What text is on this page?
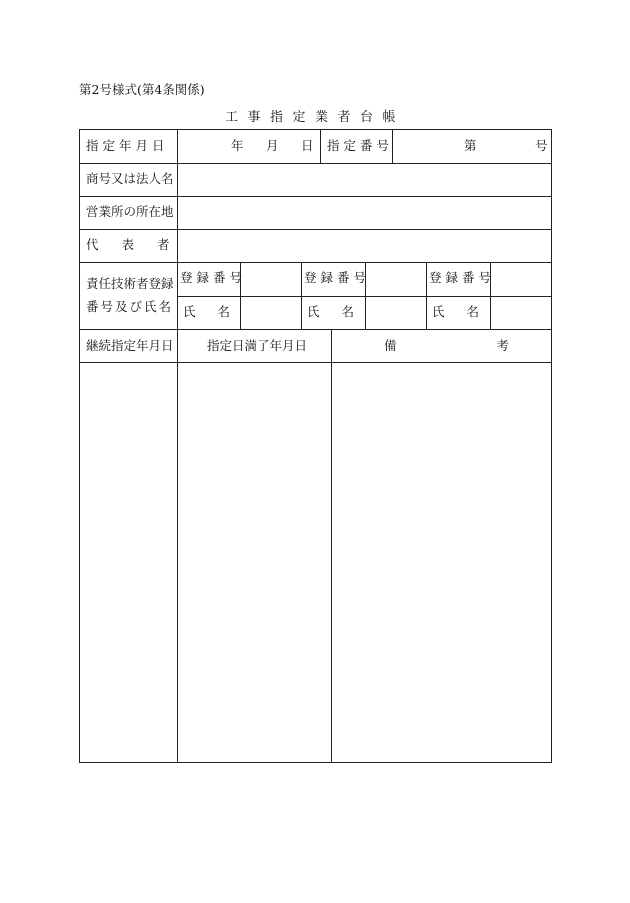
第2号様式(第4条関係)
工事指定業者台帳
指定年月日	年 月 日 指定番号	第	号
商号又は法人名
営業所の所在地
代表者
責任技術者登録
番号及び氏名
登録番号	登録番号	登録番号
氏名	氏名	氏名
継続指定年月日	指定日満了年月日	備考
